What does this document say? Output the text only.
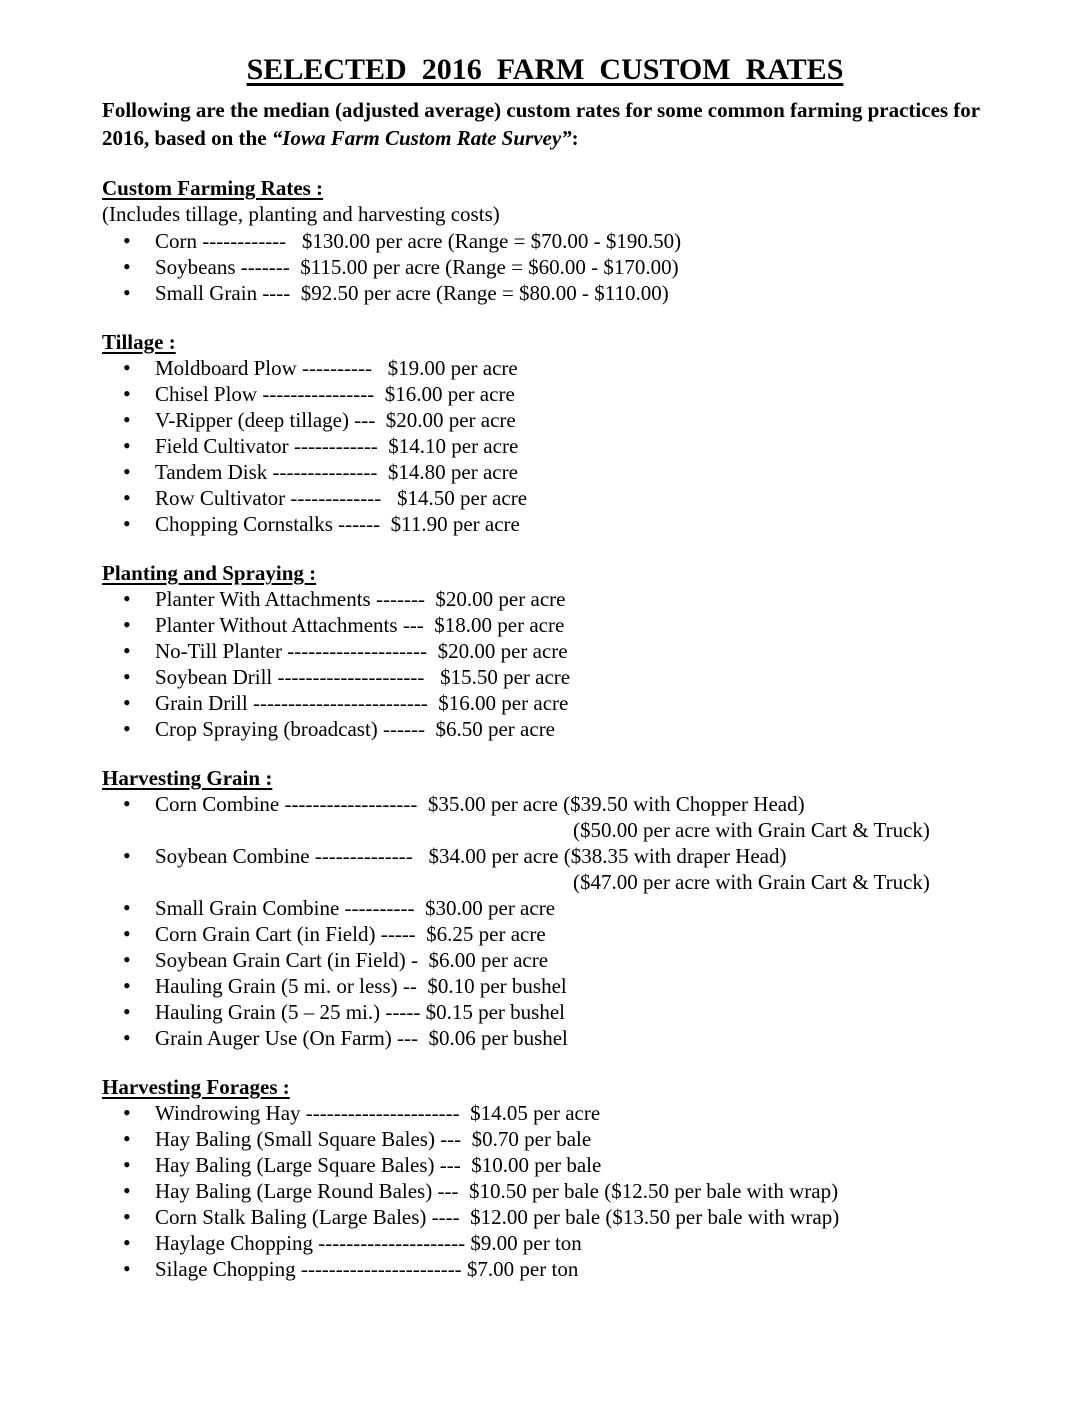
SELECTED  2016  FARM  CUSTOM  RATES

Following are the median (adjusted average) custom rates for some common farming practices for
2016, based on the “Iowa Farm Custom Rate Survey”:

Custom Farming Rates :

(Includes tillage, planting and harvesting costs)

•	Corn ------------   $130.00 per acre (Range = $70.00 - $190.50)
•	Soybeans -------  $115.00 per acre (Range = $60.00 - $170.00)
•	Small Grain ----  $92.50 per acre (Range = $80.00 - $110.00)
Tillage :
•	Moldboard Plow ----------   $19.00 per acre
•	Chisel Plow ----------------  $16.00 per acre
•	V-Ripper (deep tillage) ---  $20.00 per acre
•	Field Cultivator ------------  $14.10 per acre
•	Tandem Disk ---------------  $14.80 per acre
•	Row Cultivator -------------   $14.50 per acre
•	Chopping Cornstalks ------  $11.90 per acre
Planting and Spraying :
•	Planter With Attachments -------  $20.00 per acre
•	Planter Without Attachments ---  $18.00 per acre
•	No-Till Planter --------------------  $20.00 per acre
•	Soybean Drill ---------------------   $15.50 per acre
•	Grain Drill -------------------------  $16.00 per acre
•	Crop Spraying (broadcast) ------  $6.50 per acre
Harvesting Grain :
•	Corn Combine -------------------  $35.00 per acre ($39.50 with Chopper Head)
($50.00 per acre with Grain Cart & Truck)
•	Soybean Combine --------------   $34.00 per acre ($38.35 with draper Head)
($47.00 per acre with Grain Cart & Truck)
•	Small Grain Combine ----------  $30.00 per acre
•	Corn Grain Cart (in Field) -----  $6.25 per acre
•	Soybean Grain Cart (in Field) -  $6.00 per acre
•	Hauling Grain (5 mi. or less) --  $0.10 per bushel
•	Hauling Grain (5 – 25 mi.) ----- $0.15 per bushel
•	Grain Auger Use (On Farm) ---  $0.06 per bushel
Harvesting Forages :
•	Windrowing Hay ----------------------  $14.05 per acre
•	Hay Baling (Small Square Bales) ---  $0.70 per bale
•	Hay Baling (Large Square Bales) ---  $10.00 per bale
•	Hay Baling (Large Round Bales) ---  $10.50 per bale ($12.50 per bale with wrap)
•	Corn Stalk Baling (Large Bales) ----  $12.00 per bale ($13.50 per bale with wrap)
•	Haylage Chopping --------------------- $9.00 per ton
•	Silage Chopping ----------------------- $7.00 per ton
